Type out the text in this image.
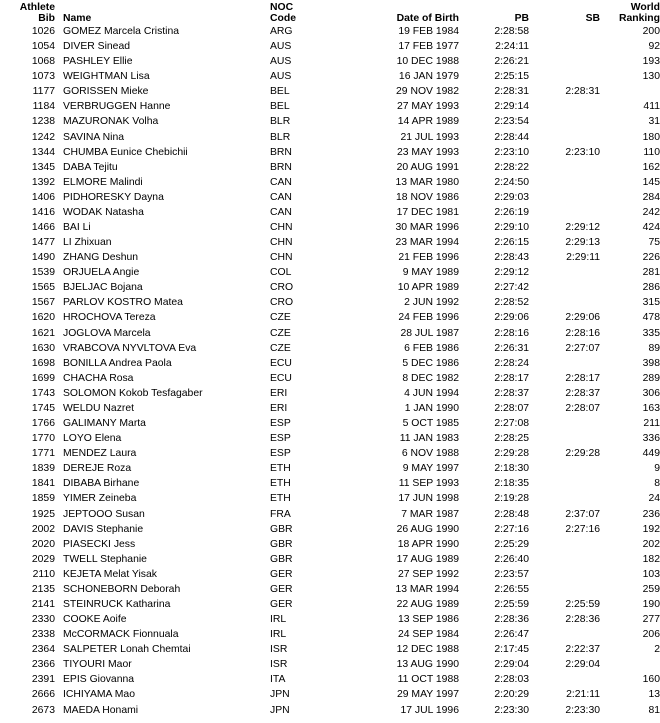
Athlete
Bib	Name	NOC
Code	Date of Birth	PB	SB	World
Ranking
1026	GOMEZ Marcela Cristina	ARG	19 FEB 1984	2:28:58		200
1054	DIVER Sinead	AUS	17 FEB 1977	2:24:11		92
1068	PASHLEY Ellie	AUS	10 DEC 1988	2:26:21		193
1073	WEIGHTMAN Lisa	AUS	16 JAN 1979	2:25:15		130
1177	GORISSEN Mieke	BEL	29 NOV 1982	2:28:31	2:28:31	
1184	VERBRUGGEN Hanne	BEL	27 MAY 1993	2:29:14		411
1238	MAZURONAK Volha	BLR	14 APR 1989	2:23:54		31
1242	SAVINA Nina	BLR	21 JUL 1993	2:28:44		180
1344	CHUMBA Eunice Chebichii	BRN	23 MAY 1993	2:23:10	2:23:10	110
1345	DABA Tejitu	BRN	20 AUG 1991	2:28:22		162
1392	ELMORE Malindi	CAN	13 MAR 1980	2:24:50		145
1406	PIDHORESKY Dayna	CAN	18 NOV 1986	2:29:03		284
1416	WODAK Natasha	CAN	17 DEC 1981	2:26:19		242
1466	BAI Li	CHN	30 MAR 1996	2:29:10	2:29:12	424
1477	LI Zhixuan	CHN	23 MAR 1994	2:26:15	2:29:13	75
1490	ZHANG Deshun	CHN	21 FEB 1996	2:28:43	2:29:11	226
1539	ORJUELA Angie	COL	9 MAY 1989	2:29:12		281
1565	BJELJAC Bojana	CRO	10 APR 1989	2:27:42		286
1567	PARLOV KOSTRO Matea	CRO	2 JUN 1992	2:28:52		315
1620	HROCHOVA Tereza	CZE	24 FEB 1996	2:29:06	2:29:06	478
1621	JOGLOVA Marcela	CZE	28 JUL 1987	2:28:16	2:28:16	335
1630	VRABCOVA NYVLTOVA Eva	CZE	6 FEB 1986	2:26:31	2:27:07	89
1698	BONILLA Andrea Paola	ECU	5 DEC 1986	2:28:24		398
1699	CHACHA Rosa	ECU	8 DEC 1982	2:28:17	2:28:17	289
1743	SOLOMON Kokob Tesfagaber	ERI	4 JUN 1994	2:28:37	2:28:37	306
1745	WELDU Nazret	ERI	1 JAN 1990	2:28:07	2:28:07	163
1766	GALIMANY Marta	ESP	5 OCT 1985	2:27:08		211
1770	LOYO Elena	ESP	11 JAN 1983	2:28:25		336
1771	MENDEZ Laura	ESP	6 NOV 1988	2:29:28	2:29:28	449
1839	DEREJE Roza	ETH	9 MAY 1997	2:18:30		9
1841	DIBABA Birhane	ETH	11 SEP 1993	2:18:35		8
1859	YIMER Zeineba	ETH	17 JUN 1998	2:19:28		24
1925	JEPTOOO Susan	FRA	7 MAR 1987	2:28:48	2:37:07	236
2002	DAVIS Stephanie	GBR	26 AUG 1990	2:27:16	2:27:16	192
2020	PIASECKI Jess	GBR	18 APR 1990	2:25:29		202
2029	TWELL Stephanie	GBR	17 AUG 1989	2:26:40		182
2110	KEJETA Melat Yisak	GER	27 SEP 1992	2:23:57		103
2135	SCHONEBORN Deborah	GER	13 MAR 1994	2:26:55		259
2141	STEINRUCK Katharina	GER	22 AUG 1989	2:25:59	2:25:59	190
2330	COOKE Aoife	IRL	13 SEP 1986	2:28:36	2:28:36	277
2338	McCORMACK Fionnuala	IRL	24 SEP 1984	2:26:47		206
2364	SALPETER Lonah Chemtai	ISR	12 DEC 1988	2:17:45	2:22:37	2
2366	TIYOURI Maor	ISR	13 AUG 1990	2:29:04	2:29:04	
2391	EPIS Giovanna	ITA	11 OCT 1988	2:28:03		160
2666	ICHIYAMA Mao	JPN	29 MAY 1997	2:20:29	2:21:11	13
2673	MAEDA Honami	JPN	17 JUL 1996	2:23:30	2:23:30	81
